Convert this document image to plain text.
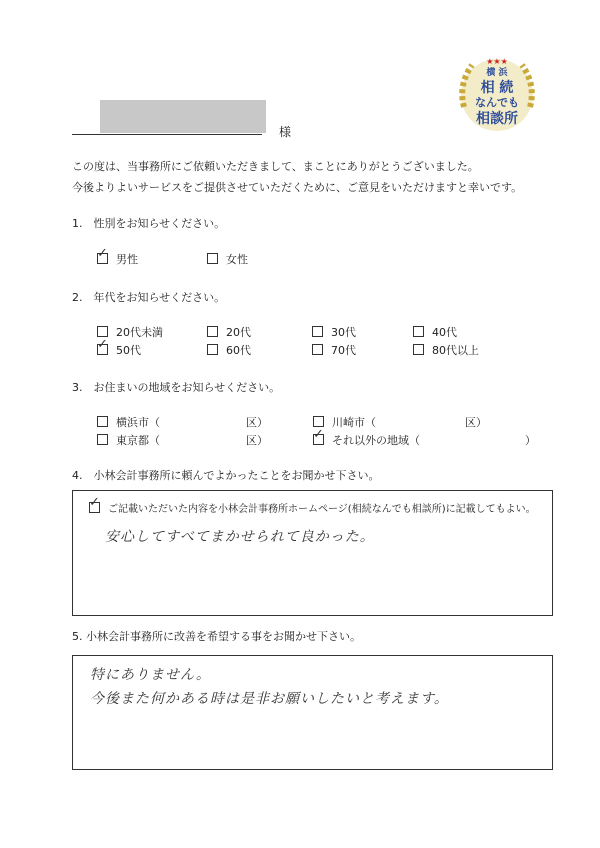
★★★
横 浜
相 続
なんでも
相談所
様
この度は、当事務所にご依頼いただきまして、まことにありがとうございました。
今後よりよいサービスをご提供させていただくために、ご意見をいただけますと幸いです。
1.　性別をお知らせください。
✓男性	女性
2.　年代をお知らせください。
20代未満	20代	30代	40代
✓50代	60代	70代	80代以上
3.　お住まいの地域をお知らせください。
横浜市（	区）	川崎市（	区）
東京都（	区）
✓	それ以外の地域（	）
4.　小林会計事務所に頼んでよかったことをお聞かせ下さい。
✓ご記載いただいた内容を小林会計事務所ホームページ(相続なんでも相談所)に記載してもよい。
安心してすべてまかせられて良かった。
5. 小林会計事務所に改善を希望する事をお聞かせ下さい。
特にありません。
今後また何かある時は是非お願いしたいと考えます。
